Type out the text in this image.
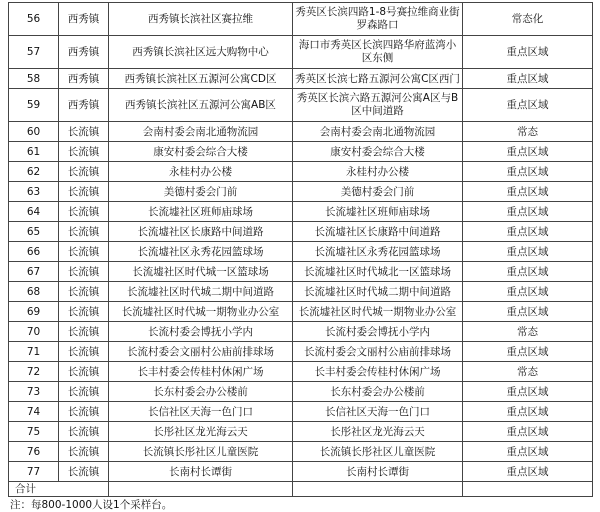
56	西秀镇	西秀镇长滨社区赛拉维	秀英区长滨四路1-8号赛拉维商业街罗森路口	常态化
57	西秀镇	西秀镇长滨社区远大购物中心	海口市秀英区长滨四路华府蓝湾小区东侧	重点区域
58	西秀镇	西秀镇长滨社区五源河公寓CD区	秀英区长滨七路五源河公寓C区西门	重点区域
59	西秀镇	西秀镇长滨社区五源河公寓AB区	秀英区长滨六路五源河公寓A区与B区中间道路	重点区域
60	长流镇	会南村委会南北通物流园	会南村委会南北通物流园	常态
61	长流镇	康安村委会综合大楼	康安村委会综合大楼	重点区域
62	长流镇	永桂村办公楼	永桂村办公楼	重点区域
63	长流镇	美德村委会门前	美德村委会门前	重点区域
64	长流镇	长流墟社区班师庙球场	长流墟社区班师庙球场	重点区域
65	长流镇	长流墟社区长康路中间道路	长流墟社区长康路中间道路	重点区域
66	长流镇	长流墟社区永秀花园篮球场	长流墟社区永秀花园篮球场	重点区域
67	长流镇	长流墟社区时代城一区篮球场	长流墟社区时代城北一区篮球场	重点区域
68	长流镇	长流墟社区时代城二期中间道路	长流墟社区时代城二期中间道路	重点区域
69	长流镇	长流墟社区时代城一期物业办公室	长流墟社区时代城一期物业办公室	重点区域
70	长流镇	长流村委会博抚小学内	长流村委会博抚小学内	常态
71	长流镇	长流村委会文丽村公庙前排球场	长流村委会文丽村公庙前排球场	重点区域
72	长流镇	长丰村委会传桂村休闲广场	长丰村委会传桂村休闲广场	常态
73	长流镇	长东村委会办公楼前	长东村委会办公楼前	重点区域
74	长流镇	长信社区天海一色门口	长信社区天海一色门口	重点区域
75	长流镇	长彤社区龙光海云天	长彤社区龙光海云天	重点区域
76	长流镇	长流镇长彤社区儿童医院	长流镇长彤社区儿童医院	重点区域
77	长流镇	长南村长谭街	长南村长谭街	重点区域
合计				
注：每800-1000人设1个采样台。
